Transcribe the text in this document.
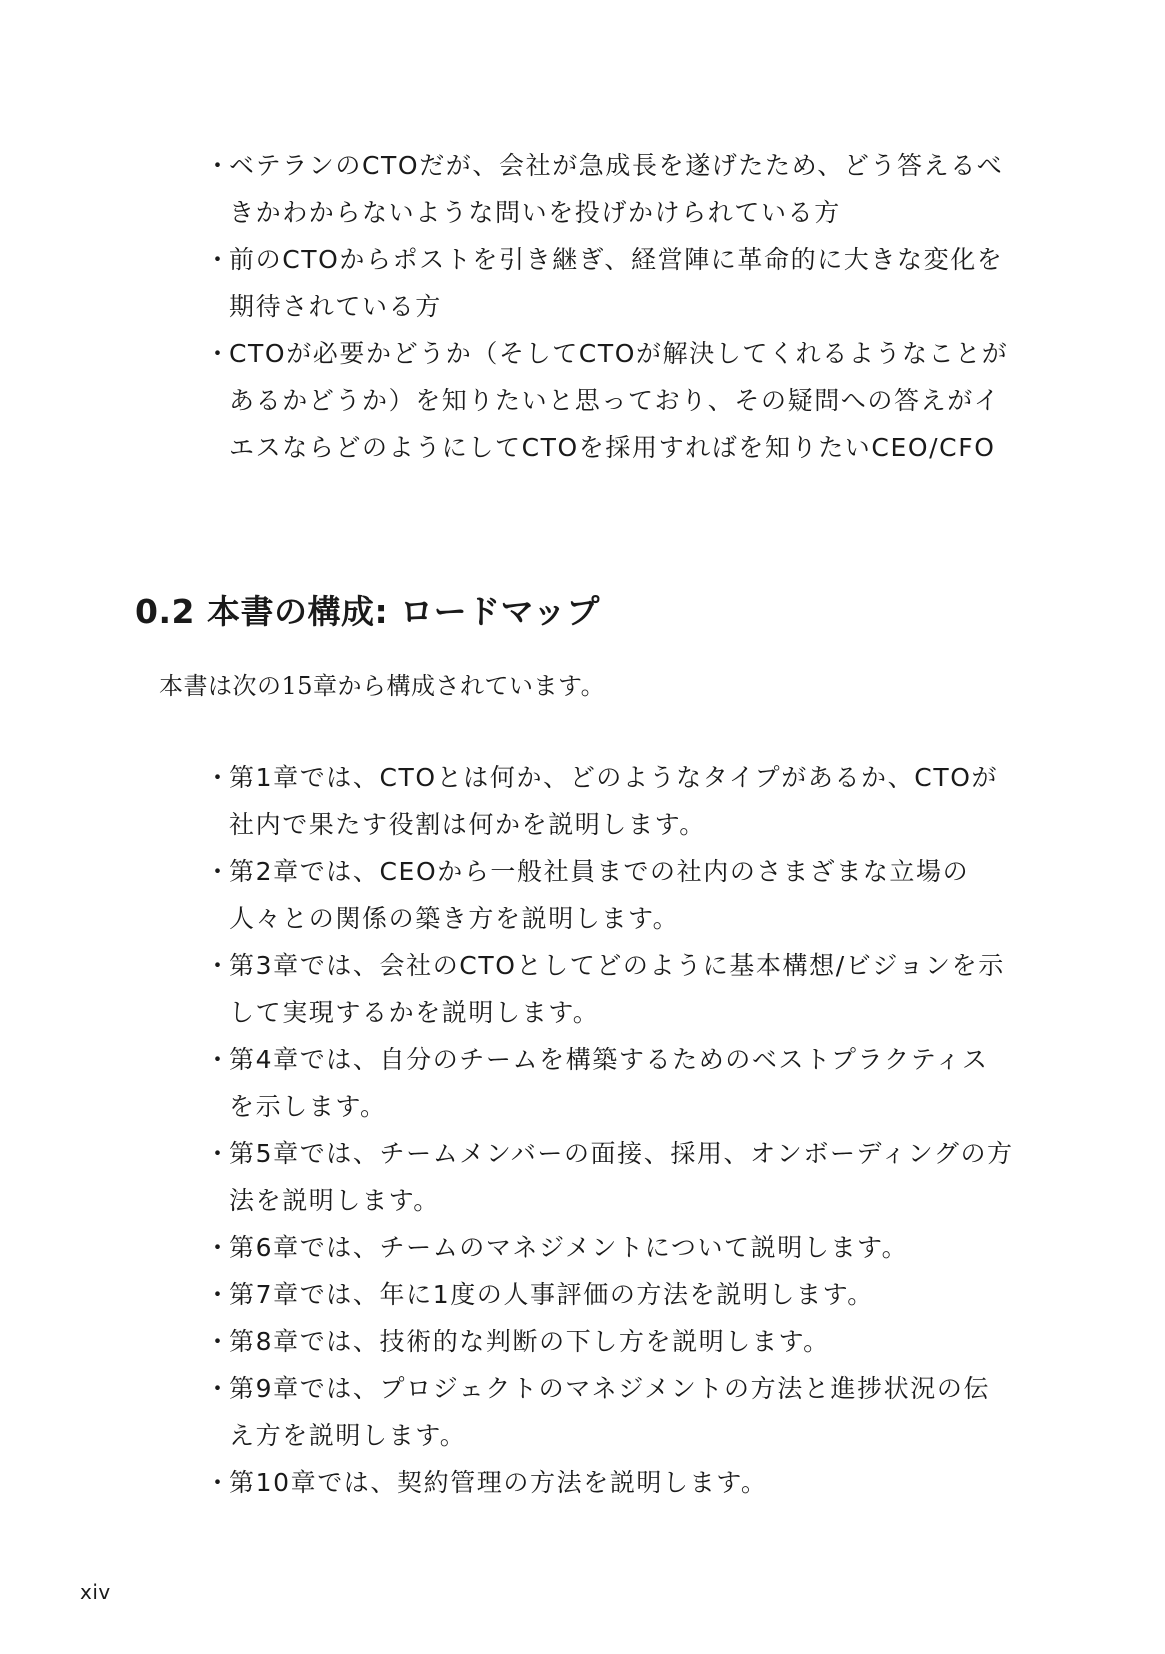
・
ベテランのCTOだが、会社が急成長を遂げたため、どう答えるべきかわからないような問いを投げかけられている方
・
前のCTOからポストを引き継ぎ、経営陣に革命的に大きな変化を期待されている方
・
CTOが必要かどうか（そしてCTOが解決してくれるようなことがあるかどうか）を知りたいと思っており、その疑問への答えがイエスならどのようにしてCTOを採用すればを知りたいCEO/CFO
0.2 本書の構成: ロードマップ

本書は次の15章から構成されています。

・
第1章では、CTOとは何か、どのようなタイプがあるか、CTOが社内で果たす役割は何かを説明します。
・
第2章では、CEOから一般社員までの社内のさまざまな立場の人々との関係の築き方を説明します。
・
第3章では、会社のCTOとしてどのように基本構想/ビジョンを示して実現するかを説明します。
・
第4章では、自分のチームを構築するためのベストプラクティスを示します。
・
第5章では、チームメンバーの面接、採用、オンボーディングの方法を説明します。
・
第6章では、チームのマネジメントについて説明します。
・
第7章では、年に1度の人事評価の方法を説明します。
・
第8章では、技術的な判断の下し方を説明します。
・
第9章では、プロジェクトのマネジメントの方法と進捗状況の伝え方を説明します。
・
第10章では、契約管理の方法を説明します。
xiv
